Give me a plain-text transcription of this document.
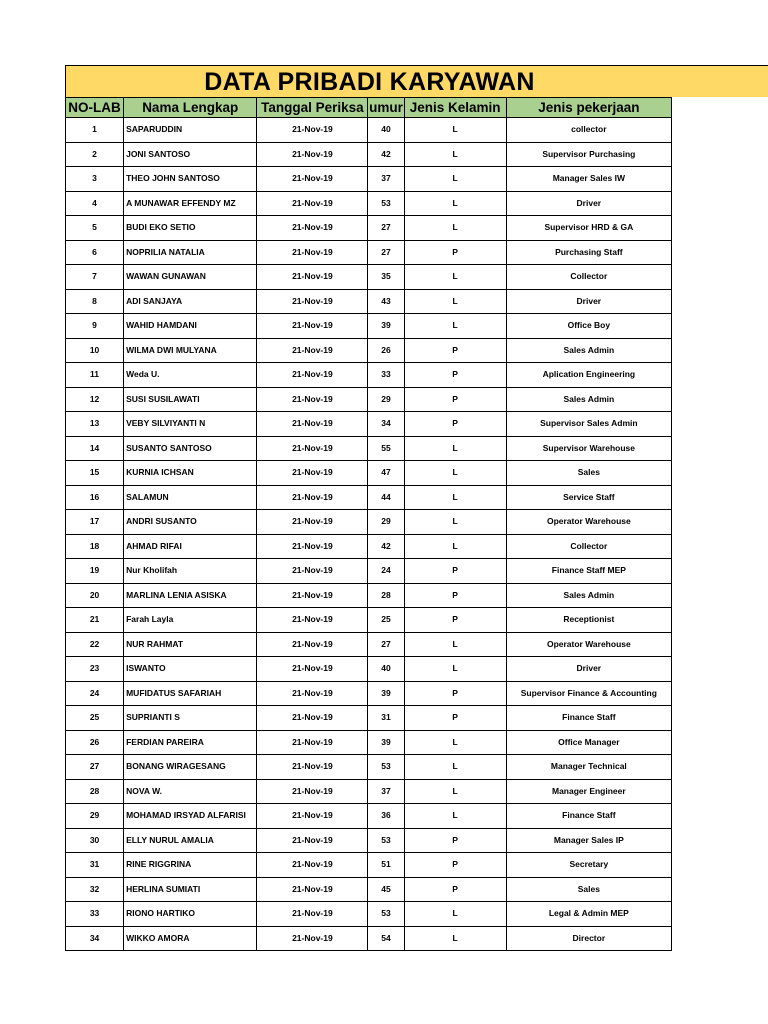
DATA PRIBADI KARYAWAN
NO-LAB	Nama Lengkap	Tanggal Periksa	umur	Jenis Kelamin	Jenis pekerjaan
1	SAPARUDDIN	21-Nov-19	40	L	collector
2	JONI SANTOSO	21-Nov-19	42	L	Supervisor Purchasing
3	THEO JOHN SANTOSO	21-Nov-19	37	L	Manager Sales IW
4	A MUNAWAR EFFENDY MZ	21-Nov-19	53	L	Driver
5	BUDI EKO SETIO	21-Nov-19	27	L	Supervisor HRD & GA
6	NOPRILIA NATALIA	21-Nov-19	27	P	Purchasing Staff
7	WAWAN GUNAWAN	21-Nov-19	35	L	Collector
8	ADI SANJAYA	21-Nov-19	43	L	Driver
9	WAHID HAMDANI	21-Nov-19	39	L	Office Boy
10	WILMA DWI MULYANA	21-Nov-19	26	P	Sales Admin
11	Weda U.	21-Nov-19	33	P	Aplication Engineering
12	SUSI SUSILAWATI	21-Nov-19	29	P	Sales Admin
13	VEBY SILVIYANTI N	21-Nov-19	34	P	Supervisor Sales Admin
14	SUSANTO SANTOSO	21-Nov-19	55	L	Supervisor Warehouse
15	KURNIA ICHSAN	21-Nov-19	47	L	Sales
16	SALAMUN	21-Nov-19	44	L	Service Staff
17	ANDRI SUSANTO	21-Nov-19	29	L	Operator Warehouse
18	AHMAD RIFAI	21-Nov-19	42	L	Collector
19	Nur Kholifah	21-Nov-19	24	P	Finance Staff MEP
20	MARLINA LENIA ASISKA	21-Nov-19	28	P	Sales Admin
21	Farah Layla	21-Nov-19	25	P	Receptionist
22	NUR RAHMAT	21-Nov-19	27	L	Operator Warehouse
23	ISWANTO	21-Nov-19	40	L	Driver
24	MUFIDATUS SAFARIAH	21-Nov-19	39	P	Supervisor Finance & Accounting
25	SUPRIANTI S	21-Nov-19	31	P	Finance Staff
26	FERDIAN PAREIRA	21-Nov-19	39	L	Office Manager
27	BONANG WIRAGESANG	21-Nov-19	53	L	Manager Technical
28	NOVA W.	21-Nov-19	37	L	Manager Engineer
29	MOHAMAD IRSYAD ALFARISI	21-Nov-19	36	L	Finance Staff
30	ELLY NURUL AMALIA	21-Nov-19	53	P	Manager Sales IP
31	RINE RIGGRINA	21-Nov-19	51	P	Secretary
32	HERLINA SUMIATI	21-Nov-19	45	P	Sales
33	RIONO HARTIKO	21-Nov-19	53	L	Legal & Admin MEP
34	WIKKO AMORA	21-Nov-19	54	L	Director
